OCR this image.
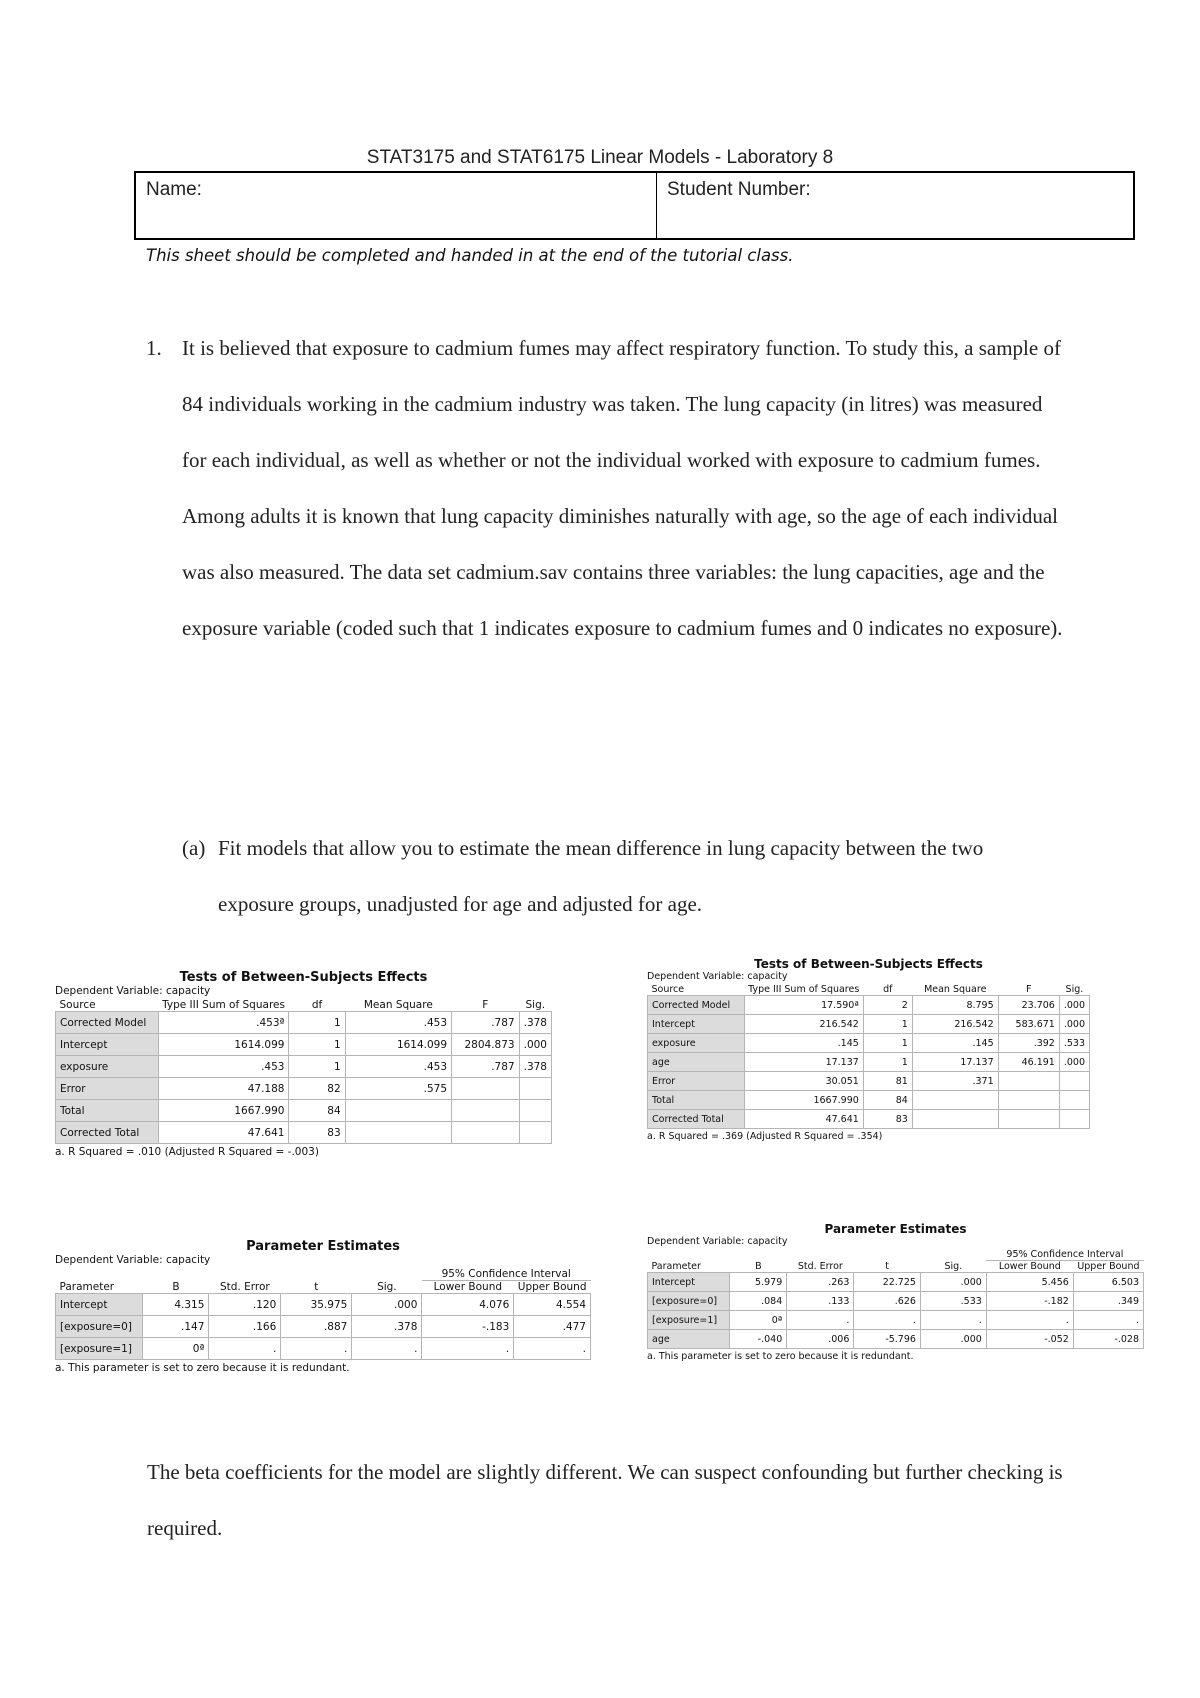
STAT3175 and STAT6175 Linear Models - Laboratory 8
Name:	Student Number:
This sheet should be completed and handed in at the end of the tutorial class.
1. It is believed that exposure to cadmium fumes may affect respiratory function. To study this, a sample of 84 individuals working in the cadmium industry was taken. The lung capacity (in litres) was measured for each individual, as well as whether or not the individual worked with exposure to cadmium fumes. Among adults it is known that lung capacity diminishes naturally with age, so the age of each individual was also measured. The data set cadmium.sav contains three variables: the lung capacities, age and the exposure variable (coded such that 1 indicates exposure to cadmium fumes and 0 indicates no exposure).
(a) Fit models that allow you to estimate the mean difference in lung capacity between the two exposure groups, unadjusted for age and adjusted for age.
Tests of Between-Subjects Effects
Dependent Variable: capacity
Source	Type III Sum of Squares	df	Mean Square	F	Sig.
Corrected Model	.453ª	1	.453	.787	.378
Intercept	1614.099	1	1614.099	2804.873	.000
exposure	.453	1	.453	.787	.378
Error	47.188	82	.575		
Total	1667.990	84			
Corrected Total	47.641	83			
a. R Squared = .010 (Adjusted R Squared = -.003)
Tests of Between-Subjects Effects
Dependent Variable: capacity
Source	Type III Sum of Squares	df	Mean Square	F	Sig.
Corrected Model	17.590ª	2	8.795	23.706	.000
Intercept	216.542	1	216.542	583.671	.000
exposure	.145	1	.145	.392	.533
age	17.137	1	17.137	46.191	.000
Error	30.051	81	.371		
Total	1667.990	84			
Corrected Total	47.641	83			
a. R Squared = .369 (Adjusted R Squared = .354)
Parameter Estimates
Dependent Variable: capacity
					95% Confidence Interval	
Parameter	B	Std. Error	t	Sig.	Lower Bound	Upper Bound
Intercept	4.315	.120	35.975	.000	4.076	4.554
[exposure=0]	.147	.166	.887	.378	-.183	.477
[exposure=1]	0ª	.	.	.	.	.
a. This parameter is set to zero because it is redundant.
Parameter Estimates
Dependent Variable: capacity
					95% Confidence Interval	
Parameter	B	Std. Error	t	Sig.	Lower Bound	Upper Bound
Intercept	5.979	.263	22.725	.000	5.456	6.503
[exposure=0]	.084	.133	.626	.533	-.182	.349
[exposure=1]	0ª	.	.	.	.	.
age	-.040	.006	-5.796	.000	-.052	-.028
a. This parameter is set to zero because it is redundant.
The beta coefficients for the model are slightly different. We can suspect confounding but further checking is required.
